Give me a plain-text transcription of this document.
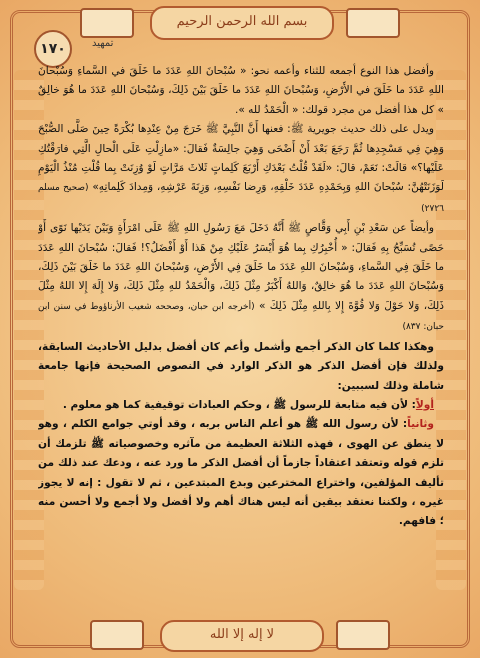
بسم الله الرحمن الرحيم
١٧٠	تمهيد

وأفضل هذا النوع أجمعه للثناء وأعمه نحو: « سُبْحانَ اللهِ عَدَدَ ما خَلَقَ في السَّماءِ وَسُبْحانَ اللهِ عَدَدَ ما خَلَقَ في الأَرْضِ، وَسُبْحانَ اللهِ عَدَدَ ما خَلَقَ بَيْنَ ذَلِكَ، وَسُبْحانَ اللهِ عَدَدَ ما هُوَ خالِقٌ » كل هذا أفضل من مجرد قولك: « الْحَمْدُ لله ».

ويدل على ذلك حديث جويرية ﷺ: فعنها أَنَّ النَّبِيَّ ﷺ خَرَجَ مِنْ عِنْدِها بُكْرَةً حِينَ صَلَّى الصُّبْحَ وَهِيَ فِي مَسْجِدِها ثُمَّ رَجَعَ بَعْدَ أَنْ أَضْحَى وَهِيَ جالِسَةٌ فَقالَ: «مازِلْتِ عَلَى الْحالِ الَّتِي فارَقْتُكِ عَلَيْها؟» قالَتْ: نَعَمْ، قالَ: «لَقَدْ قُلْتُ بَعْدَكِ أَرْبَعَ كَلِماتٍ ثَلاثَ مَرَّاتٍ لَوْ وُزِنَتْ بِما قُلْتِ مُنْذُ الْيَوْمِ لَوَزَنَتْهُنَّ: سُبْحانَ اللهِ وَبِحَمْدِهِ عَدَدَ خَلْقِهِ، وَرِضا نَفْسِهِ، وَزِنَةَ عَرْشِهِ، وَمِدادَ كَلِماتِهِ» (صحيح مسلم ٢٧٢٦)

وأيضاً عن سَعْدِ بْنِ أَبِي وَقَّاصٍ ﷺ أَنَّهُ دَخَلَ مَعَ رَسُولِ اللهِ ﷺ عَلَى امْرَأَةٍ وَبَيْنَ يَدَيْها نَوًى أَوْ حَصًى تُسَبِّحُ بِهِ فَقالَ: « أُخْبِرُكِ بِما هُوَ أَيْسَرُ عَلَيْكِ مِنْ هَذا أَوْ أَفْضَلُ؟! فَقالَ: سُبْحانَ اللهِ عَدَدَ ما خَلَقَ فِي السَّماءِ، وَسُبْحانَ اللهِ عَدَدَ ما خَلَقَ فِي الأَرْضِ، وَسُبْحانَ اللهِ عَدَدَ ما خَلَقَ بَيْنَ ذَلِكَ، وَسُبْحانَ اللهِ عَدَدَ ما هُوَ خالِقٌ، وَاللهُ أَكْبَرُ مِثْلَ ذَلِكَ، وَالْحَمْدُ للهِ مِثْلَ ذَلِكَ، وَلا إِلَهَ إِلا اللهُ مِثْلَ ذَلِكَ، وَلا حَوْلَ وَلا قُوَّةَ إِلا بِاللهِ مِثْلَ ذَلِكَ » (أخرجه ابن حبان، وصححه شعيب الأرناؤوط في سنن ابن حبان: ٨٣٧)

وهكذا كلما كان الذكر أجمع وأشمل وأعم كان أفضل بدليل الأحاديث السابقة، ولذلك فإن أفضل الذكر هو الذكر الوارد في النصوص الصحيحة فإنها جامعة شاملة وذلك لسببين:

أولاً: لأن فيه متابعة للرسول ﷺ ، وحكم العبادات توقيفية كما هو معلوم .

وثانياً: لأن رسول الله ﷺ هو أعلم الناس بربه ، وقد أوتي جوامع الكلم ، وهو لا ينطق عن الهوى ، فهذه الثلاثة العظيمة من مآثره وخصوصياته ﷺ تلزمك أن تلزم قوله وتعتقد اعتقاداً جازماً أن أفضل الذكر ما ورد عنه ، ودعك عند ذلك من تأليف المؤلفين، واختراع المخترعين وبدع المبتدعين ، ثم لا تقول : إنه لا يجوز غيره ، ولكننا نعتقد بيقين أنه ليس هناك أهم ولا أفضل ولا أجمع ولا أحسن منه ؛ فافهم.

لا إله إلا الله
